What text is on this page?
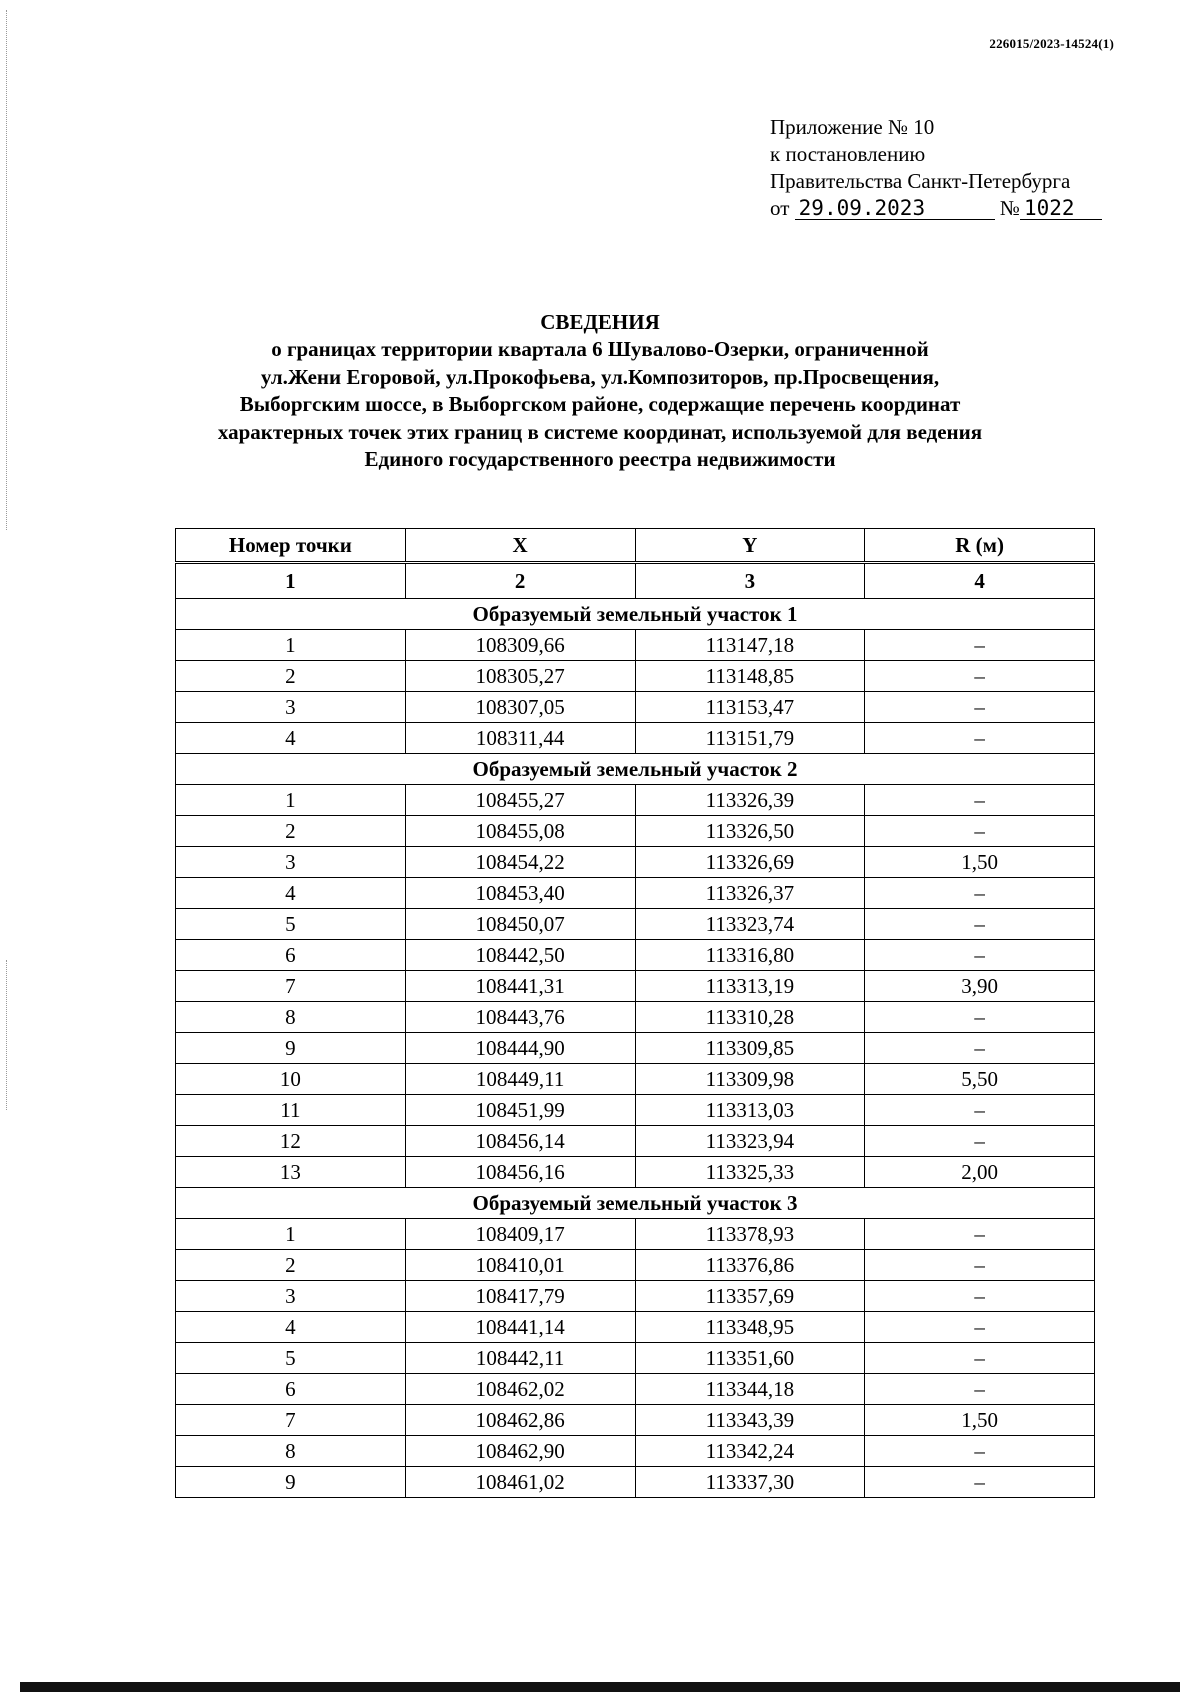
226015/2023-14524(1)
Приложение № 10
к постановлению
Правительства Санкт-Петербурга
от 29.09.2023	№ 1022
СВЕДЕНИЯ
о границах территории квартала 6 Шувалово-Озерки, ограниченной
ул.Жени Егоровой, ул.Прокофьева, ул.Композиторов, пр.Просвещения,
Выборгским шоссе, в Выборгском районе, содержащие перечень координат
характерных точек этих границ в системе координат, используемой для ведения
Единого государственного реестра недвижимости
Номер точки	X	Y	R (м)
1	2	3	4
Образуемый земельный участок 1			
1	108309,66	113147,18	–
2	108305,27	113148,85	–
3	108307,05	113153,47	–
4	108311,44	113151,79	–
Образуемый земельный участок 2			
1	108455,27	113326,39	–
2	108455,08	113326,50	–
3	108454,22	113326,69	1,50
4	108453,40	113326,37	–
5	108450,07	113323,74	–
6	108442,50	113316,80	–
7	108441,31	113313,19	3,90
8	108443,76	113310,28	–
9	108444,90	113309,85	–
10	108449,11	113309,98	5,50
11	108451,99	113313,03	–
12	108456,14	113323,94	–
13	108456,16	113325,33	2,00
Образуемый земельный участок 3			
1	108409,17	113378,93	–
2	108410,01	113376,86	–
3	108417,79	113357,69	–
4	108441,14	113348,95	–
5	108442,11	113351,60	–
6	108462,02	113344,18	–
7	108462,86	113343,39	1,50
8	108462,90	113342,24	–
9	108461,02	113337,30	–
